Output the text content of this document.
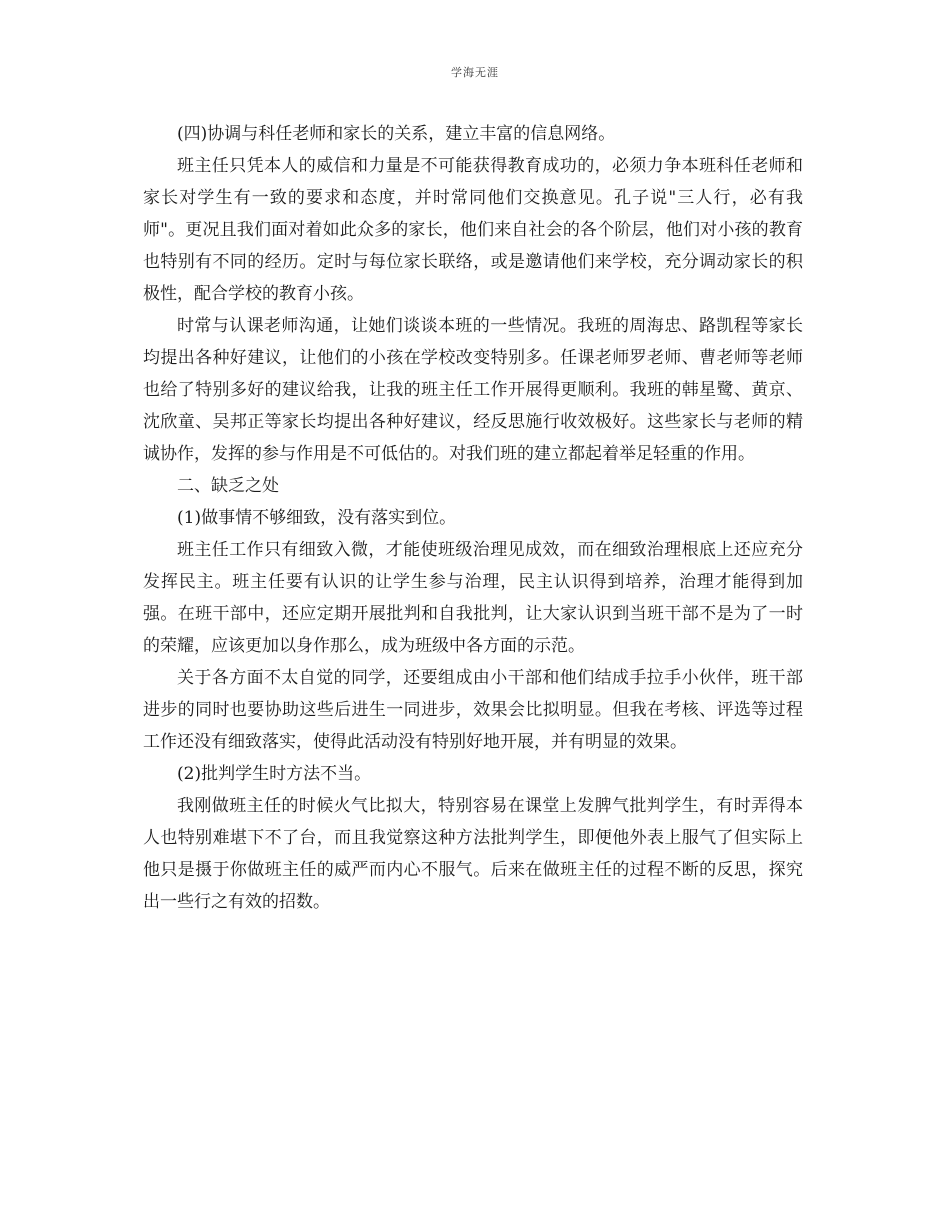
学海无涯

(四)协调与科任老师和家长的关系，建立丰富的信息网络。

班主任只凭本人的威信和力量是不可能获得教育成功的，必须力争本班科任老师和家长对学生有一致的要求和态度，并时常同他们交换意见。孔子说"三人行，必有我师"。更况且我们面对着如此众多的家长，他们来自社会的各个阶层，他们对小孩的教育也特别有不同的经历。定时与每位家长联络，或是邀请他们来学校，充分调动家长的积极性，配合学校的教育小孩。

时常与认课老师沟通，让她们谈谈本班的一些情况。我班的周海忠、路凯程等家长均提出各种好建议，让他们的小孩在学校改变特别多。任课老师罗老师、曹老师等老师也给了特别多好的建议给我，让我的班主任工作开展得更顺利。我班的韩星鹭、黄京、沈欣童、吴邦正等家长均提出各种好建议，经反思施行收效极好。这些家长与老师的精诚协作，发挥的参与作用是不可低估的。对我们班的建立都起着举足轻重的作用。

二、缺乏之处

(1)做事情不够细致，没有落实到位。

班主任工作只有细致入微，才能使班级治理见成效，而在细致治理根底上还应充分发挥民主。班主任要有认识的让学生参与治理，民主认识得到培养，治理才能得到加强。在班干部中，还应定期开展批判和自我批判，让大家认识到当班干部不是为了一时的荣耀，应该更加以身作那么，成为班级中各方面的示范。

关于各方面不太自觉的同学，还要组成由小干部和他们结成手拉手小伙伴，班干部进步的同时也要协助这些后进生一同进步，效果会比拟明显。但我在考核、评选等过程工作还没有细致落实，使得此活动没有特别好地开展，并有明显的效果。

(2)批判学生时方法不当。

我刚做班主任的时候火气比拟大，特别容易在课堂上发脾气批判学生，有时弄得本人也特别难堪下不了台，而且我觉察这种方法批判学生，即便他外表上服气了但实际上他只是摄于你做班主任的威严而内心不服气。后来在做班主任的过程不断的反思，探究出一些行之有效的招数。
